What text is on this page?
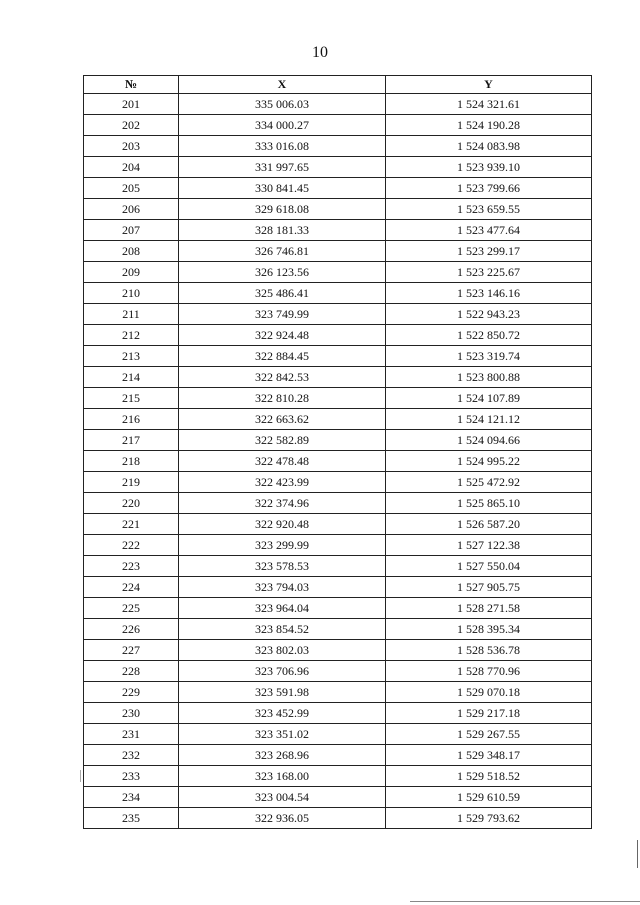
10
№	X	Y
201	335 006.03	1 524 321.61
202	334 000.27	1 524 190.28
203	333 016.08	1 524 083.98
204	331 997.65	1 523 939.10
205	330 841.45	1 523 799.66
206	329 618.08	1 523 659.55
207	328 181.33	1 523 477.64
208	326 746.81	1 523 299.17
209	326 123.56	1 523 225.67
210	325 486.41	1 523 146.16
211	323 749.99	1 522 943.23
212	322 924.48	1 522 850.72
213	322 884.45	1 523 319.74
214	322 842.53	1 523 800.88
215	322 810.28	1 524 107.89
216	322 663.62	1 524 121.12
217	322 582.89	1 524 094.66
218	322 478.48	1 524 995.22
219	322 423.99	1 525 472.92
220	322 374.96	1 525 865.10
221	322 920.48	1 526 587.20
222	323 299.99	1 527 122.38
223	323 578.53	1 527 550.04
224	323 794.03	1 527 905.75
225	323 964.04	1 528 271.58
226	323 854.52	1 528 395.34
227	323 802.03	1 528 536.78
228	323 706.96	1 528 770.96
229	323 591.98	1 529 070.18
230	323 452.99	1 529 217.18
231	323 351.02	1 529 267.55
232	323 268.96	1 529 348.17
233	323 168.00	1 529 518.52
234	323 004.54	1 529 610.59
235	322 936.05	1 529 793.62
